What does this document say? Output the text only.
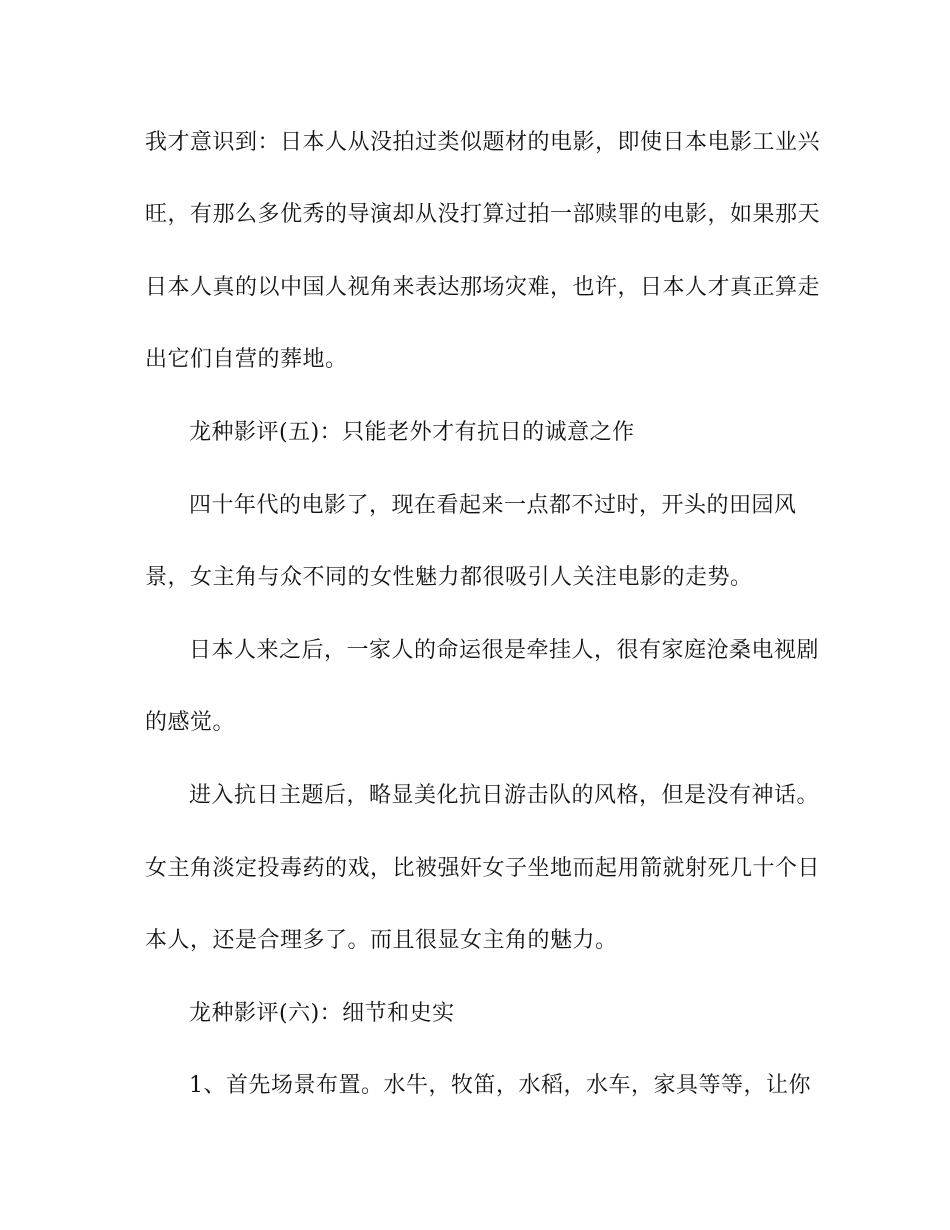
我才意识到：日本人从没拍过类似题材的电影，即使日本电影工业兴
旺，有那么多优秀的导演却从没打算过拍一部赎罪的电影，如果那天
日本人真的以中国人视角来表达那场灾难，也许，日本人才真正算走
出它们自营的葬地。
龙种影评(五)：只能老外才有抗日的诚意之作
四十年代的电影了，现在看起来一点都不过时，开头的田园风
景，女主角与众不同的女性魅力都很吸引人关注电影的走势。
日本人来之后，一家人的命运很是牵挂人，很有家庭沧桑电视剧
的感觉。
进入抗日主题后，略显美化抗日游击队的风格，但是没有神话。
女主角淡定投毒药的戏，比被强奸女子坐地而起用箭就射死几十个日
本人，还是合理多了。而且很显女主角的魅力。
龙种影评(六)：细节和史实
1、首先场景布置。水牛，牧笛，水稻，水车，家具等等，让你
